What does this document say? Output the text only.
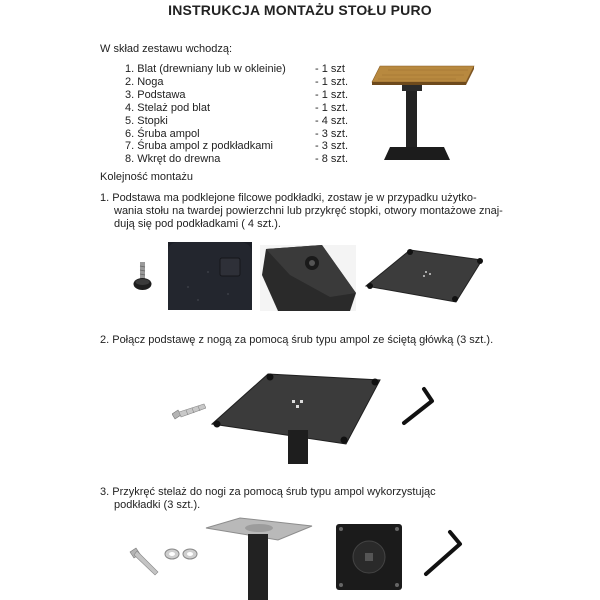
INSTRUKCJA MONTAŻU STOŁU PURO
W skład zestawu wchodzą:
1. Blat (drewniany lub w okleinie)	- 1 szt
2. Noga	- 1 szt.
3. Podstawa	- 1 szt.
4. Stelaż pod blat	- 1 szt.
5. Stopki	- 4 szt.
6. Śruba ampol	- 3 szt.
7. Śruba ampol z podkładkami	- 3 szt.
8. Wkręt do drewna	- 8 szt.
Kolejność montażu
1. Podstawa ma podklejone filcowe podkładki, zostaw je w przypadku użytko-
wania stołu na twardej powierzchni lub przykręć stopki, otwory montażowe znaj-
dują się pod podkładkami ( 4 szt.).
2. Połącz podstawę z nogą za pomocą śrub typu ampol ze ściętą główką (3 szt.).
3. Przykręć stelaż do nogi za pomocą śrub typu ampol wykorzystując
podkładki (3 szt.).
